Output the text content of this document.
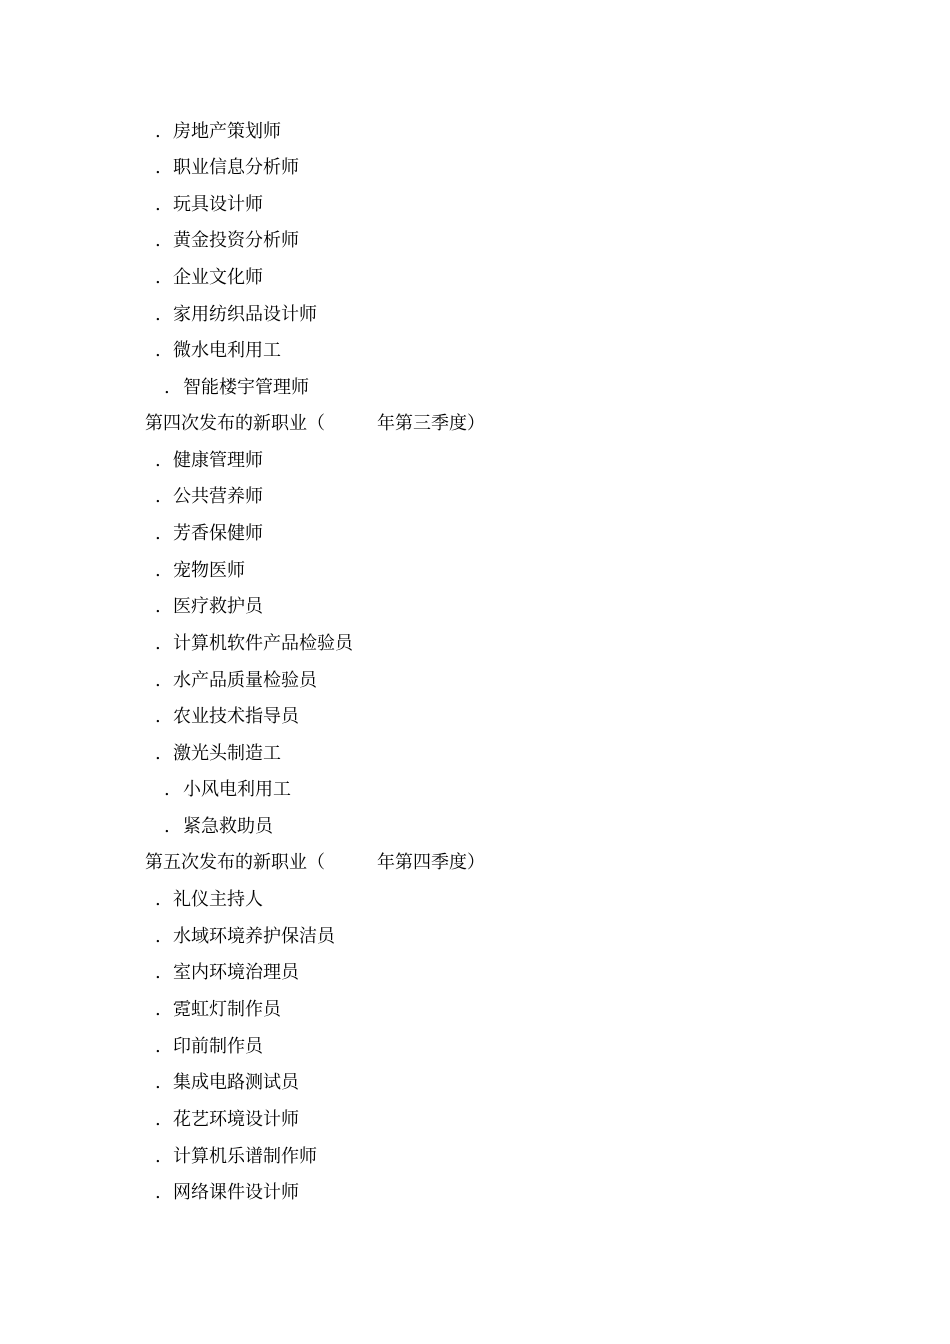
. 房地产策划师
. 职业信息分析师
. 玩具设计师
. 黄金投资分析师
. 企业文化师
. 家用纺织品设计师
. 微水电利用工
. 智能楼宇管理师
第四次发布的新职业（	年第三季度）
. 健康管理师
. 公共营养师
. 芳香保健师
. 宠物医师
. 医疗救护员
. 计算机软件产品检验员
. 水产品质量检验员
. 农业技术指导员
. 激光头制造工
. 小风电利用工
. 紧急救助员
第五次发布的新职业（	年第四季度）
. 礼仪主持人
. 水域环境养护保洁员
. 室内环境治理员
. 霓虹灯制作员
. 印前制作员
. 集成电路测试员
. 花艺环境设计师
. 计算机乐谱制作师
. 网络课件设计师
